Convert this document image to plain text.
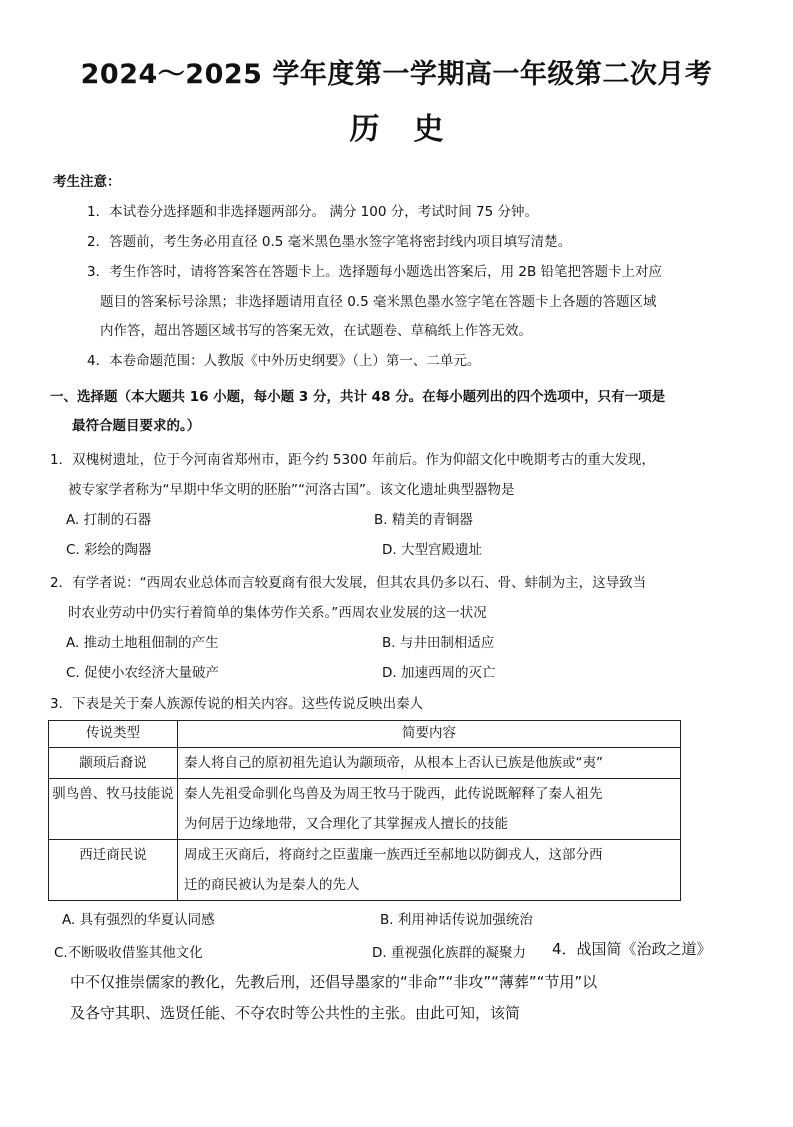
2024～2025 学年度第一学期高一年级第二次月考
历史
考生注意：
1．本试卷分选择题和非选择题两部分。 满分 100 分，考试时间 75 分钟。
2．答题前，考生务必用直径 0.5 毫米黑色墨水签字笔将密封线内项目填写清楚。
3．考生作答时，请将答案答在答题卡上。选择题每小题选出答案后，用 2B 铅笔把答题卡上对应
题目的答案标号涂黑；非选择题请用直径 0.5 毫米黑色墨水签字笔在答题卡上各题的答题区域
内作答，超出答题区域书写的答案无效，在试题卷、草稿纸上作答无效。
4．本卷命题范围：人教版《中外历史纲要》（上）第一、二单元。
一、选择题（本大题共 16 小题，每小题 3 分，共计 48 分。在每小题列出的四个选项中，只有一项是
最符合题目要求的。）
1．双槐树遗址，位于今河南省郑州市，距今约 5300 年前后。作为仰韶文化中晚期考古的重大发现，
被专家学者称为“早期中华文明的胚胎”“河洛古国”。该文化遗址典型器物是
A. 打制的石器	B. 精美的青铜器
C. 彩绘的陶器	D. 大型宫殿遗址
2．有学者说：“西周农业总体而言较夏商有很大发展，但其农具仍多以石、骨、蚌制为主，这导致当
时农业劳动中仍实行着简单的集体劳作关系。”西周农业发展的这一状况
A. 推动土地租佃制的产生	B. 与井田制相适应
C. 促使小农经济大量破产	D. 加速西周的灭亡
3．下表是关于秦人族源传说的相关内容。这些传说反映出秦人
传说类型	简要内容
颛顼后裔说	秦人将自己的原初祖先追认为颛顼帝，从根本上否认已族是他族或“夷”
驯鸟兽、牧马技能说	秦人先祖受命驯化鸟兽及为周王牧马于陇西，此传说既解释了秦人祖先
为何居于边缘地带，又合理化了其掌握戎人擅长的技能

西迁商民说	周成王灭商后，将商纣之臣蜚廉一族西迁至郝地以防御戎人，这部分西
迁的商民被认为是秦人的先人
A. 具有强烈的华夏认同感	B. 利用神话传说加强统治
C.不断吸收借鉴其他文化	D. 重视强化族群的凝聚力 4．战国简《治政之道》
中不仅推崇儒家的教化，先教后刑，还倡导墨家的“非命”“非攻”“薄葬”“节用”以
及各守其职、选贤任能、不夺农时等公共性的主张。由此可知，该简
